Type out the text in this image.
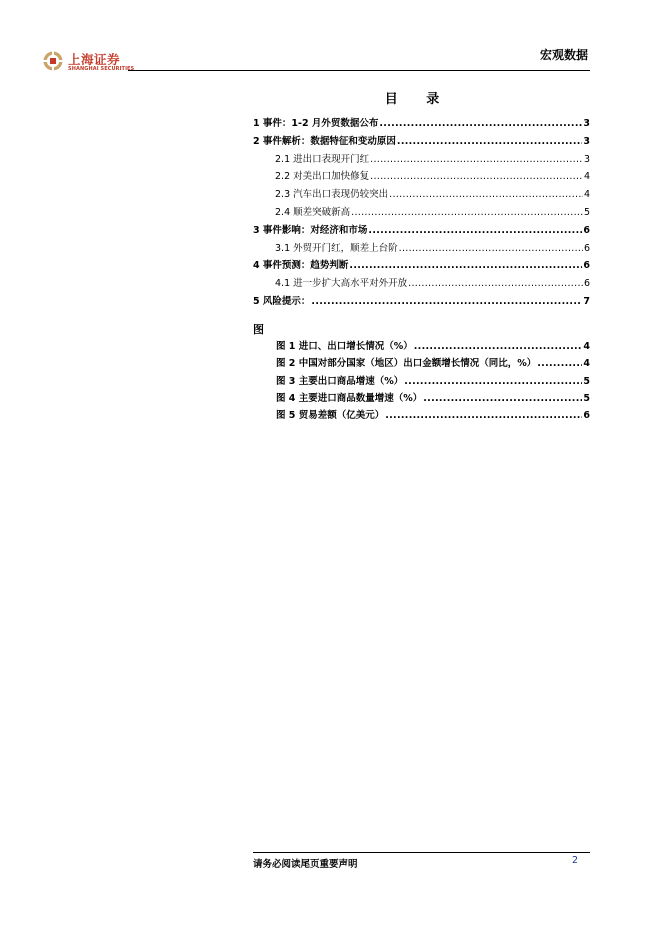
上海证券
SHANGHAI SECURITIES
宏观数据
目 录
1 事件：1-2 月外贸数据公布 .....	3
2 事件解析：数据特征和变动原因 .....	3
2.1 进出口表现开门红 .....	3
2.2 对美出口加快修复 .....	4
2.3 汽车出口表现仍较突出 .....	4
2.4 顺差突破新高 .....	5
3 事件影响：对经济和市场 .....	6
3.1 外贸开门红，顺差上台阶 .....	6
4 事件预测：趋势判断 .....	6
4.1 进一步扩大高水平对外开放 .....	6
5 风险提示： .....	7
图
图 1 进口、出口增长情况（%） .....	4
图 2 中国对部分国家（地区）出口金额增长情况（同比，%） .....	4
图 3 主要出口商品增速（%） .....	5
图 4 主要进口商品数量增速（%） .....	5
图 5 贸易差额（亿美元） .....	6
请务必阅读尾页重要声明	2
